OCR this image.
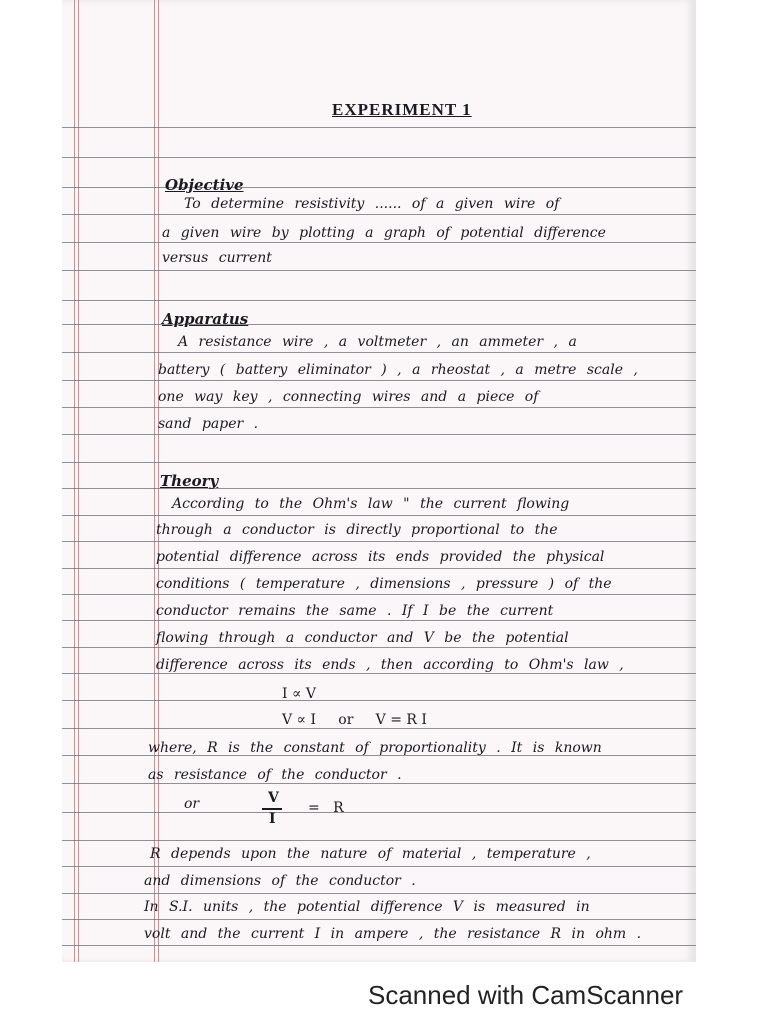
EXPERIMENT 1
Objective
To determine resistivity ...... of a given wire of
a given wire by plotting a graph of potential difference
versus current
Apparatus
A resistance wire , a voltmeter , an ammeter , a
battery ( battery eliminator ) , a rheostat , a metre scale ,
one way key , connecting wires and a piece of
sand paper .
Theory
According to the Ohm's law " the current flowing
through a conductor is directly proportional to the
potential difference across its ends provided the physical
conditions ( temperature , dimensions , pressure ) of the
conductor remains the same . If I be the current
flowing through a conductor and V be the potential
difference across its ends , then according to Ohm's law ,
I ∝ V
V ∝ I     or     V = R I
where, R is the constant of proportionality . It is known
as resistance of the conductor .
or	V
I
=   R
R depends upon the nature of material , temperature ,
and dimensions of the conductor .
In S.I. units , the potential difference V is measured in
volt and the current I in ampere , the resistance R in ohm .
Scanned with CamScanner
